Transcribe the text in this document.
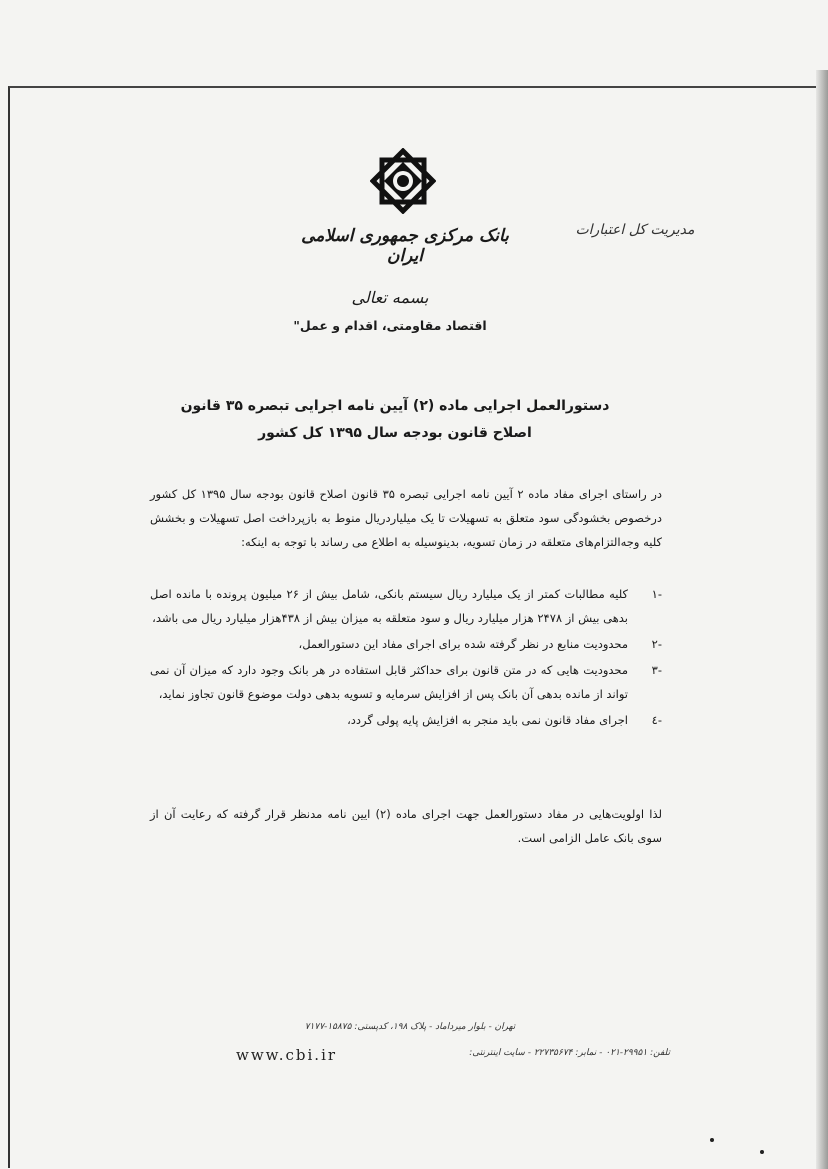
بانک مرکزی جمهوری اسلامی ایران
مدیریت کل اعتبارات
بسمه تعالی
اقتصاد مقاومتی، اقدام و عمل"
دستورالعمل اجرایی ماده (۲) آیین نامه اجرایی تبصره ۳۵ قانون
اصلاح قانون بودجه سال ۱۳۹۵ کل کشور
در راستای اجرای مفاد ماده ۲ آیین نامه اجرایی تبصره ۳۵ قانون اصلاح قانون بودجه سال ۱۳۹۵ کل کشور درخصوص بخشودگی سود متعلق به تسهیلات تا یک میلیاردریال منوط به بازپرداخت اصل تسهیلات و بخشش کلیه وجه‌التزام‌های متعلقه در زمان تسویه، بدینوسیله به اطلاع می رساند با توجه به اینکه:
-۱
کلیه مطالبات کمتر از یک میلیارد ریال سیستم بانکی، شامل بیش از ۲۶ میلیون پرونده با مانده اصل بدهی بیش از ۲۴۷۸ هزار میلیارد ریال و سود متعلقه به میزان بیش از ۴۳۸هزار میلیارد ریال می باشد،
-۲
محدودیت منابع در نظر گرفته شده برای اجرای مفاد این دستورالعمل،
-۳
محدودیت هایی که در متن قانون برای حداکثر قابل استفاده در هر بانک وجود دارد که میزان آن نمی تواند از مانده بدهی آن بانک پس از افزایش سرمایه و تسویه بدهی دولت موضوع قانون تجاوز نماید،
-٤
اجرای مفاد قانون نمی باید منجر به افزایش پایه پولی گردد،
لذا اولویت‌هایی در مفاد دستورالعمل جهت اجرای ماده (۲) ایین نامه مدنظر قرار گرفته که رعایت آن از سوی بانک عامل الزامی است.
تهران - بلوار میرداماد - پلاک ۱۹۸، کدپستی: ۱۵۸۷۵-۷۱۷۷
تلفن: ۲۹۹۵۱-۰۲۱ - نمابر: ۲۲۷۳۵۶۷۴ - سایت اینترنتی:
www.cbi.ir
